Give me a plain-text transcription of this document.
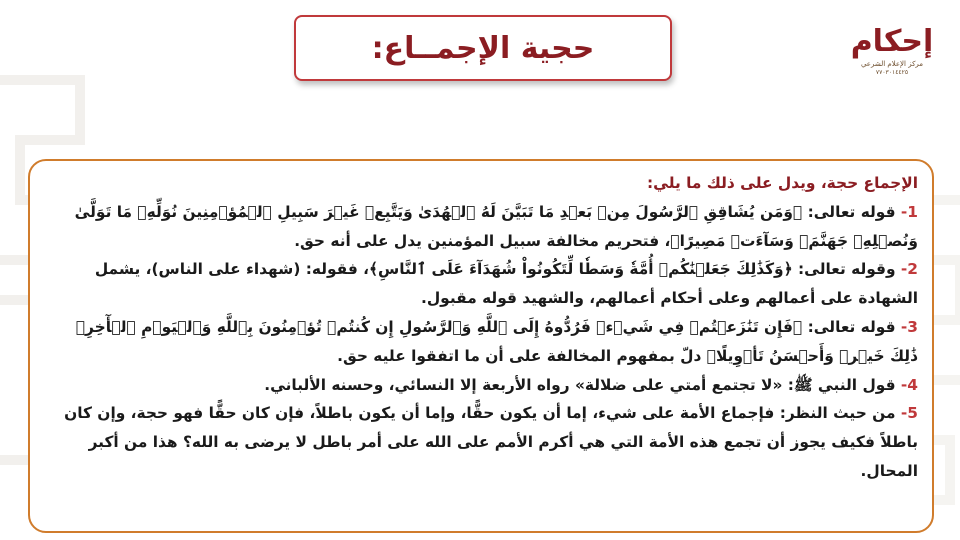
إحكام
مركز الإعلام الشرعي
٧٧٠٣٠١٤٤٢٥
حجية الإجمــاع:

الإجماع حجة، ويدل على ذلك ما يلي:

1- قوله تعالى: ﴿وَمَن يُشَاقِقِ ٱلرَّسُولَ مِنۢ بَعۡدِ مَا تَبَيَّنَ لَهُ ٱلۡهُدَىٰ وَيَتَّبِعۡ غَيۡرَ سَبِيلِ ٱلۡمُؤۡمِنِينَ نُوَلِّهِۦ مَا تَوَلَّىٰ وَنُصۡلِهِۦ جَهَنَّمَۖ وَسَآءَتۡ مَصِيرًا﴾، فتحريم مخالفة سبيل المؤمنين يدل على أنه حق.

2- وقوله تعالى: ﴿وَكَذَٰلِكَ جَعَلۡنَٰكُمۡ أُمَّةٗ وَسَطٗا لِّتَكُونُواْ شُهَدَآءَ عَلَى ٱلنَّاسِ﴾، فقوله: (شهداء على الناس)، يشمل الشهادة على أعمالهم وعلى أحكام أعمالهم، والشهيد قوله مقبول.

3- قوله تعالى: ﴿فَإِن تَنَٰزَعۡتُمۡ فِي شَيۡءٖ فَرُدُّوهُ إِلَى ٱللَّهِ وَٱلرَّسُولِ إِن كُنتُمۡ تُؤۡمِنُونَ بِٱللَّهِ وَٱلۡيَوۡمِ ٱلۡأٓخِرِۚ ذَٰلِكَ خَيۡرٞ وَأَحۡسَنُ تَأۡوِيلًا﴾ دلّ بمفهوم المخالفة على أن ما اتفقوا عليه حق.

4- قول النبي ﷺ: «لا تجتمع أمتي على ضلالة» رواه الأربعة إلا النسائي، وحسنه الألباني.

5- من حيث النظر: فإجماع الأمة على شيء، إما أن يكون حقًّا، وإما أن يكون باطلاً، فإن كان حقًّا فهو حجة، وإن كان باطلاً فكيف يجوز أن تجمع هذه الأمة التي هي أكرم الأمم على الله على أمر باطل لا يرضى به الله؟ هذا من أكبر المحال.
